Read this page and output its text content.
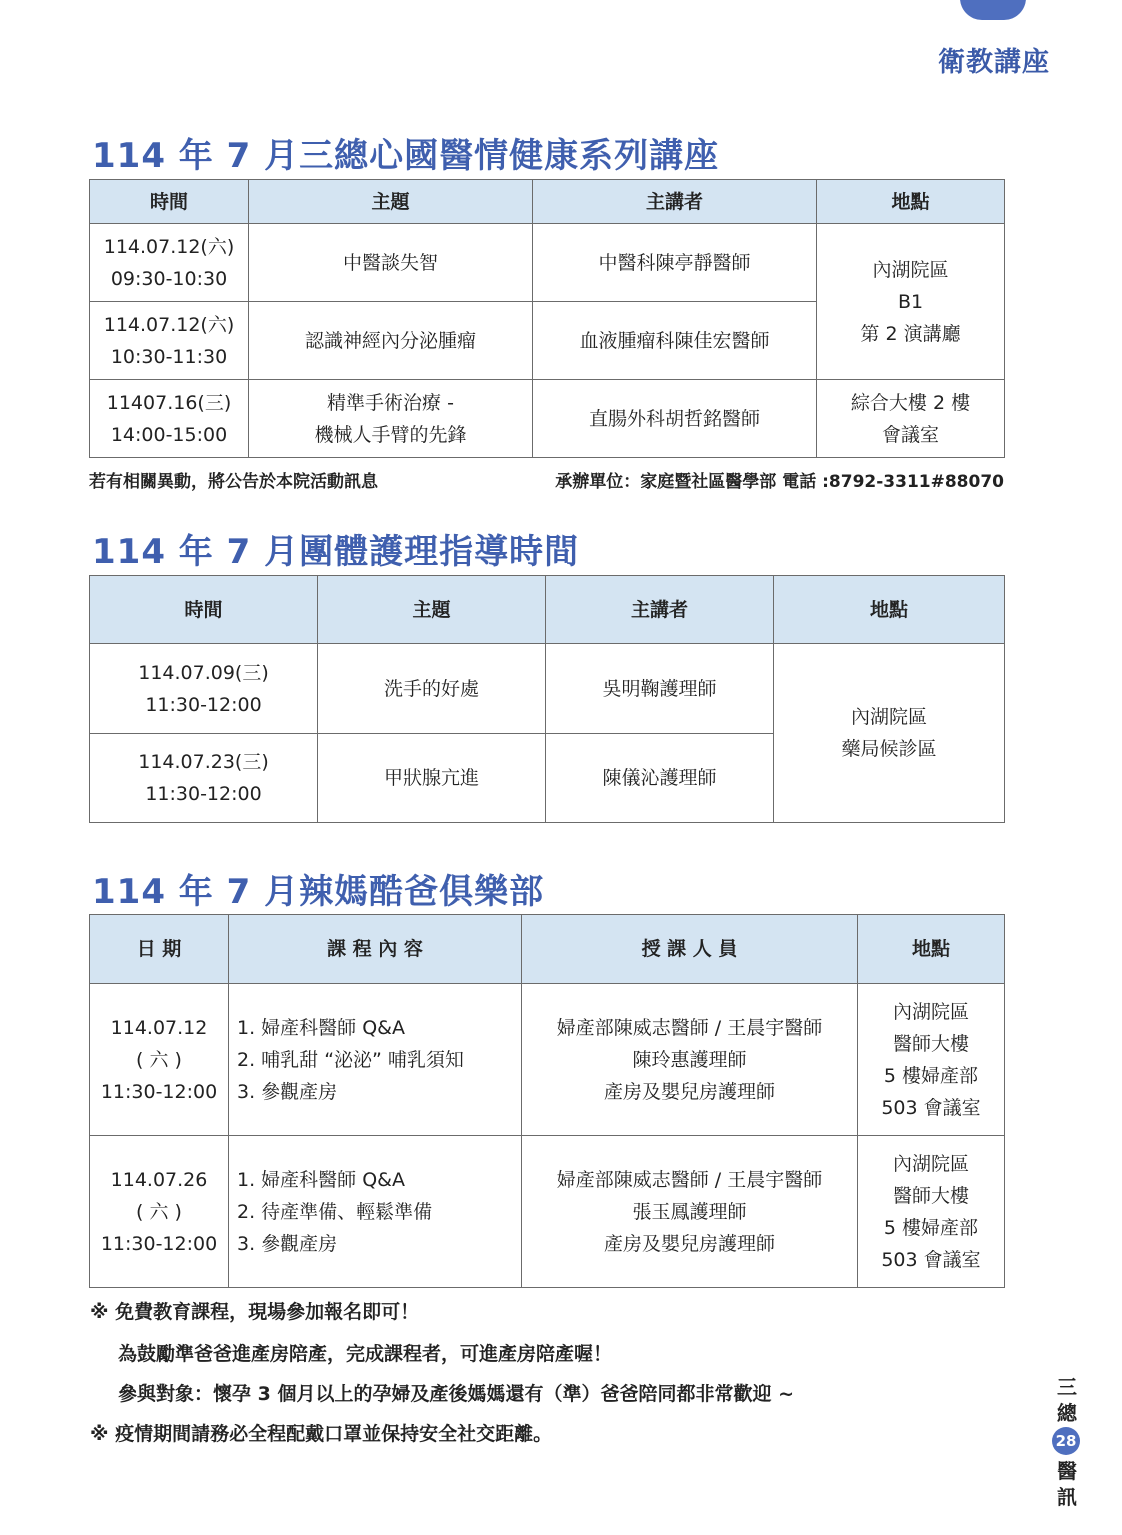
衛教講座
114 年 7 月三總心國醫情健康系列講座
時間	主題	主講者	地點

114.07.12(六)
09:30-10:30	中醫談失智	中醫科陳亭靜醫師	內湖院區
B1
第 2 演講廳

114.07.12(六)
10:30-11:30	認識神經內分泌腫瘤	血液腫瘤科陳佳宏醫師	

11407.16(三)
14:00-15:00	精準手術治療 -
機械人手臂的先鋒	直腸外科胡哲銘醫師	綜合大樓 2 樓
會議室
若有相關異動，將公告於本院活動訊息	承辦單位：家庭暨社區醫學部 電話 :8792-3311#88070
114 年 7 月團體護理指導時間
時間	主題	主講者	地點

114.07.09(三)
11:30-12:00	洗手的好處	吳明鞠護理師	內湖院區
藥局候診區

114.07.23(三)
11:30-12:00	甲狀腺亢進	陳儀沁護理師	
114 年 7 月辣媽酷爸俱樂部
日 期	課 程 內 容	授 課 人 員	地點

114.07.12
( 六 )
11:30-12:00	1. 婦產科醫師 Q&A
2. 哺乳甜 “泌泌” 哺乳須知
3. 參觀產房	婦產部陳威志醫師 / 王晨宇醫師
陳玲惠護理師
產房及嬰兒房護理師	內湖院區
醫師大樓
5 樓婦產部
503 會議室

114.07.26
( 六 )
11:30-12:00	1. 婦產科醫師 Q&A
2. 待產準備、輕鬆準備
3. 參觀產房	婦產部陳威志醫師 / 王晨宇醫師
張玉鳳護理師
產房及嬰兒房護理師	內湖院區
醫師大樓
5 樓婦產部
503 會議室
※ 免費教育課程，現場參加報名即可！
為鼓勵準爸爸進產房陪產，完成課程者，可進產房陪產喔！
參與對象：懷孕 3 個月以上的孕婦及產後媽媽還有（準）爸爸陪同都非常歡迎 ~
※ 疫情期間請務必全程配戴口罩並保持安全社交距離。
三
總
28
醫
訊
